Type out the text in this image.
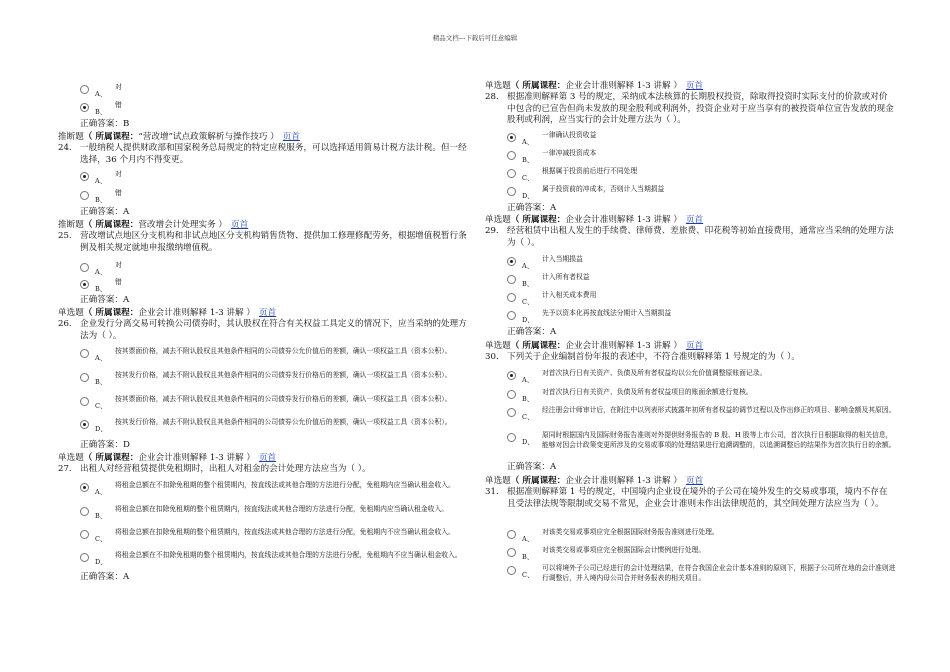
精品文档---下载后可任意编辑
A、
对
B、
错
正确答案：B
推断题（ 所属课程：“营改增”试点政策解析与操作技巧 ） 页首
24. 一般纳税人提供财政部和国家税务总局规定的特定应税服务，可以选择适用简易计税方法计税。但一经选择，36 个月内不得变更。
A、
对
B、
错
正确答案：A
推断题（ 所属课程：营改增会计处理实务 ） 页首
25. 营改增试点地区分支机构和非试点地区分支机构销售货物、提供加工修理修配劳务，根据增值税暂行条例及相关规定就地申报缴纳增值税。
A、
对
B、
错
正确答案：A
单选题（ 所属课程：企业会计准则解释 1-3 讲解 ） 页首
26. 企业发行分离交易可转换公司债券时，其认股权在符合有关权益工具定义的情况下，应当采纳的处理方法为（ ）。
A、
按其票面价格，减去不附认股权且其他条件相同的公司债券公允价值后的差额，确认一项权益工具（资本公积）。
B、
按其发行价格，减去不附认股权且其他条件相同的公司债券发行价格后的差额，确认一项权益工具（资本公积）。
C、
按其票面价格，减去不附认股权且其他条件相同的公司债券发行价格后的差额，确认一项权益工具（资本公积）。
D、
按其发行价格，减去不附认股权且其他条件相同的公司债券公允价值后的差额，确认一项权益工具（资本公积）。
正确答案：D
单选题（ 所属课程：企业会计准则解释 1-3 讲解 ） 页首
27. 出租人对经营租赁提供免租期时，出租人对租金的会计处理方法应当为（ ）。
A、
将租金总额在不扣除免租期的整个租赁期内，按直线法或其他合理的方法进行分配，免租期内应当确认租金收入。
B、
将租金总额在扣除免租期的整个租赁期内，按直线法或其他合理的方法进行分配，免租期内应当确认租金收入。
C、
将租金总额在扣除免租期的整个租赁期内，按直线法或其他合理的方法进行分配，免租期内不应当确认租金收入。
D、
将租金总额在不扣除免租期的整个租赁期内，按直线法或其他合理的方法进行分配，免租期内不应当确认租金收入。
正确答案：A
单选题（ 所属课程：企业会计准则解释 1-3 讲解 ） 页首
28. 根据准则解释第 3 号的规定，采纳成本法核算的长期股权投资，除取得投资时实际支付的价款或对价中包含的已宣告但尚未发放的现金股利或利润外，投资企业对于应当享有的被投资单位宣告发放的现金股利或利润，应当实行的会计处理方法为（ ）。
A、
一律确认投资收益
B、
一律冲减投资成本
C、
根据属于投资前后进行不同处理
D、
属于投资前的冲成本，否则计入当期损益
正确答案：A
单选题（ 所属课程：企业会计准则解释 1-3 讲解 ） 页首
29. 经营租赁中出租人发生的手续费、律师费、差旅费、印花税等初始直接费用，通常应当采纳的处理方法为（ ）。
A、
计入当期损益
B、
计入所有者权益
C、
计入相关成本费用
D、
先予以资本化再按直线法分期计入当期损益
正确答案：A
单选题（ 所属课程：企业会计准则解释 1-3 讲解 ） 页首
30. 下列关于企业编制首份年报的表述中，不符合准则解释第 1 号规定的为（ ）。
A、
对首次执行日有关资产、负债及所有者权益均以公允价值调整原账面记录。
B、
对首次执行日有关资产、负债及所有者权益项目的账面余额进行复核。
C、
经注册会计师审计后，在附注中以列表形式披露年初所有者权益的调节过程以及作出修正的项目、影响金额及其原因。
D、
原同时根据国内及国际财务报告准则对外提供财务报告的 B 股、H 股等上市公司，首次执行日根据取得的相关信息，能够对因会计政策变更所涉及的交易或事项的处理结果进行追溯调整的，以追溯调整后的结果作为首次执行日的余额。
正确答案：A
单选题（ 所属课程：企业会计准则解释 1-3 讲解 ） 页首
31. 根据准则解释第 1 号的规定，中国境内企业设在境外的子公司在境外发生的交易或事项，境内不存在且受法律法规等限制或交易不常见，企业会计准则未作出法律规范的，其空间处理方法应当为（ ）。
A、
对该类交易或事项应完全根据国际财务报告准则进行处理。
B、
对该类交易或事项应完全根据国际会计惯例进行处理。
C、
可以将境外子公司已经进行的会计处理结果，在符合我国企业会计基本准则的原则下，根据子公司所在地的会计准则进行调整后，并入境内母公司合并财务报表的相关项目。
